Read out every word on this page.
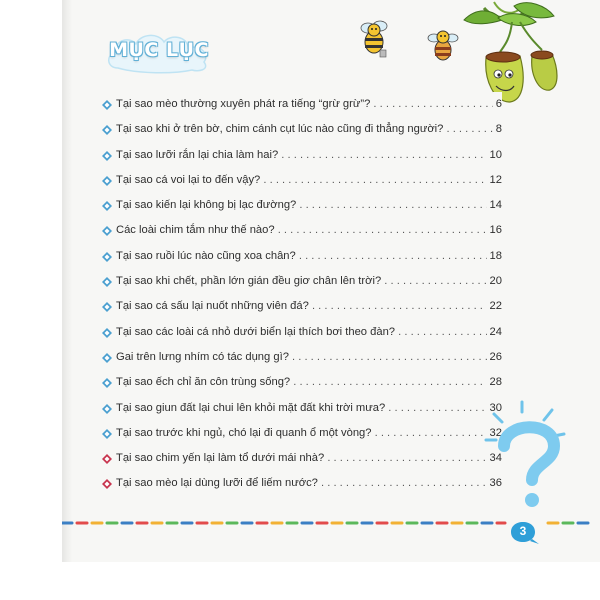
MỤC LỤC
Tại sao mèo thường xuyên phát ra tiếng “grừ grừ”? . . .	6
Tại sao khi ở trên bờ, chim cánh cụt lúc nào cũng đi thẳng người? . . .	8
Tại sao lưỡi rắn lại chia làm hai? . . .	10
Tại sao cá voi lại to đến vậy? . . .	12
Tại sao kiến lại không bị lạc đường? . . .	14
Các loài chim tắm như thế nào? . . .	16
Tại sao ruồi lúc nào cũng xoa chân? . . .	18
Tại sao khi chết, phần lớn gián đều giơ chân lên trời? . . .	20
Tại sao cá sấu lại nuốt những viên đá? . . .	22
Tại sao các loài cá nhỏ dưới biển lại thích bơi theo đàn? . . .	24
Gai trên lưng nhím có tác dụng gì? . . .	26
Tại sao ếch chỉ ăn côn trùng sống? . . .	28
Tại sao giun đất lại chui lên khỏi mặt đất khi trời mưa? . . .	30
Tại sao trước khi ngủ, chó lại đi quanh ổ một vòng? . . .	32
Tại sao chim yến lại làm tổ dưới mái nhà? . . .	34
Tại sao mèo lại dùng lưỡi để liếm nước? . . .	36
3
